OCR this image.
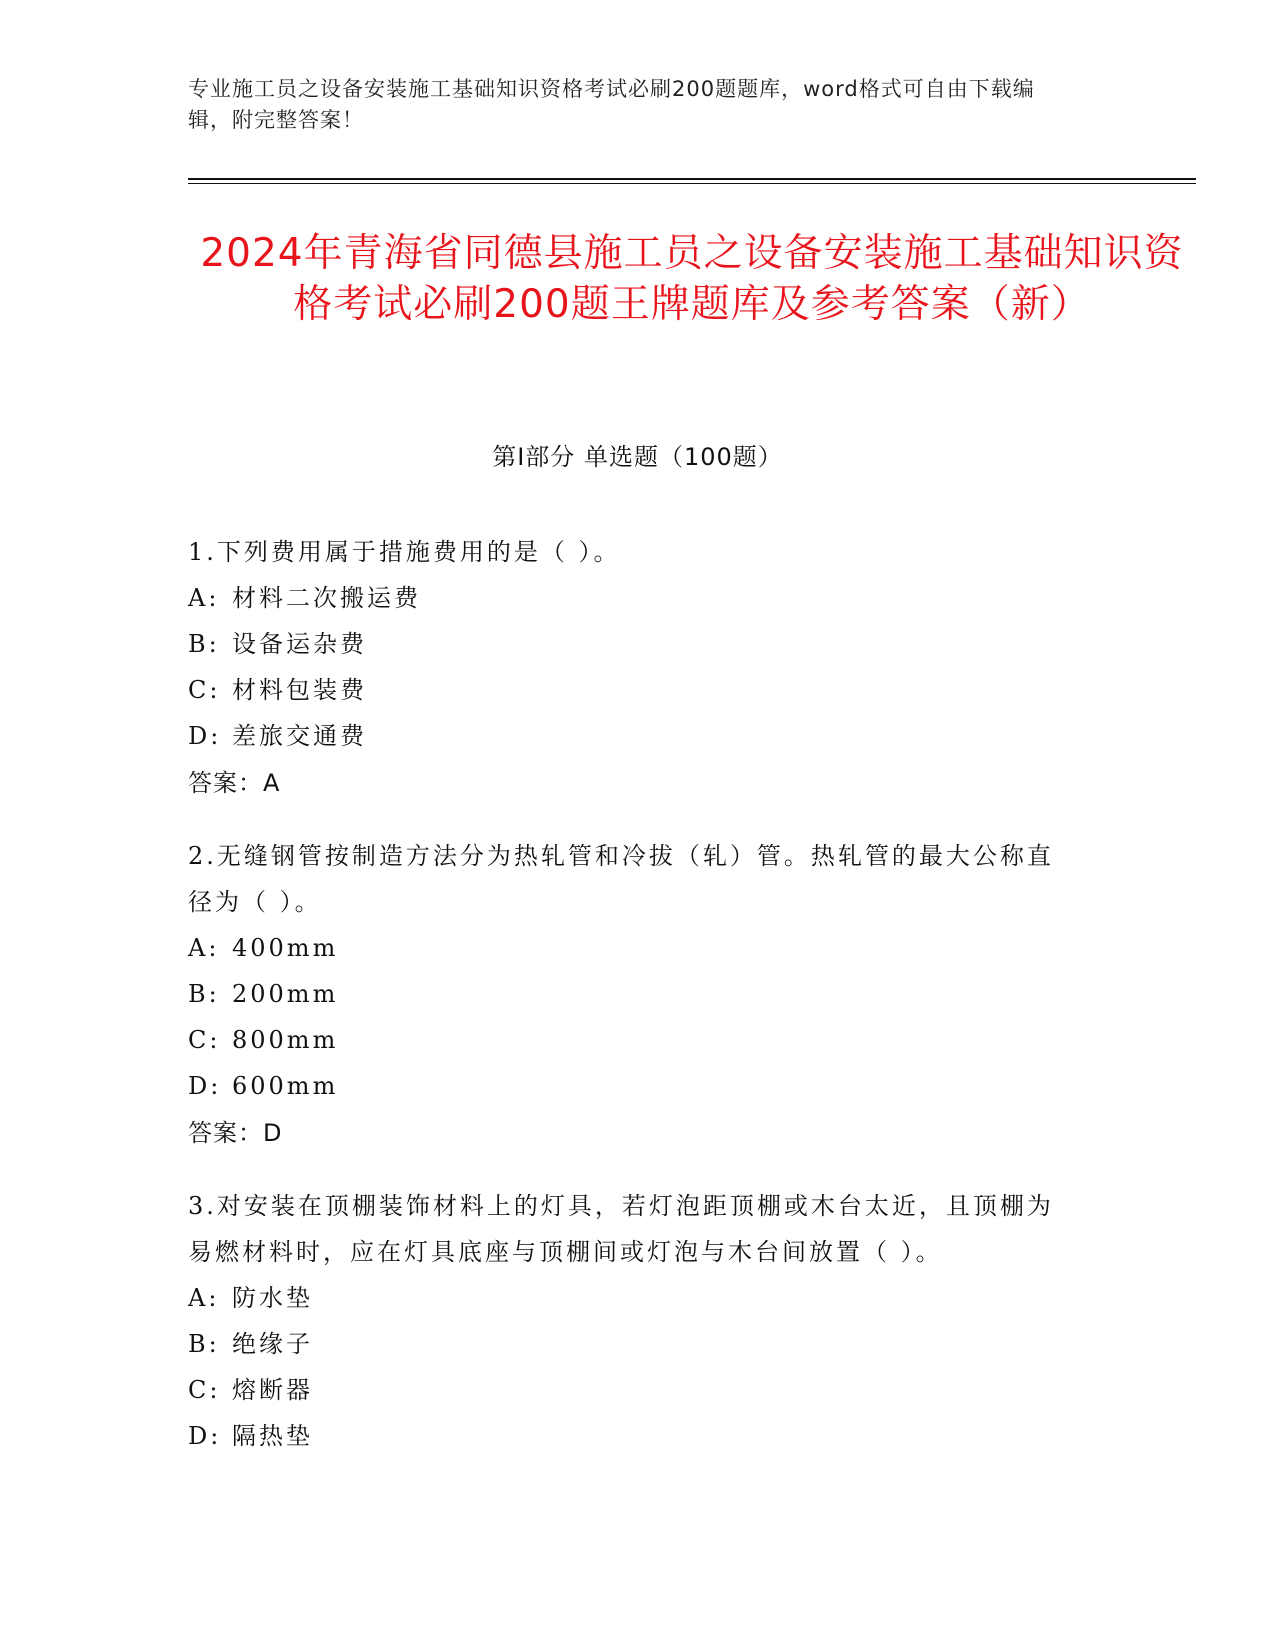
专业施工员之设备安装施工基础知识资格考试必刷200题题库，word格式可自由下载编辑，附完整答案！
2024年青海省同德县施工员之设备安装施工基础知识资格考试必刷200题王牌题库及参考答案（新）
第I部分 单选题（100题）
1.下列费用属于措施费用的是（ ）。
A: 材料二次搬运费
B: 设备运杂费
C: 材料包装费
D: 差旅交通费
答案：A
2.无缝钢管按制造方法分为热轧管和冷拔（轧）管。热轧管的最大公称直径为（ ）。
A: 400mm
B: 200mm
C: 800mm
D: 600mm
答案：D
3.对安装在顶棚装饰材料上的灯具，若灯泡距顶棚或木台太近，且顶棚为易燃材料时，应在灯具底座与顶棚间或灯泡与木台间放置（ ）。
A: 防水垫
B: 绝缘子
C: 熔断器
D: 隔热垫
